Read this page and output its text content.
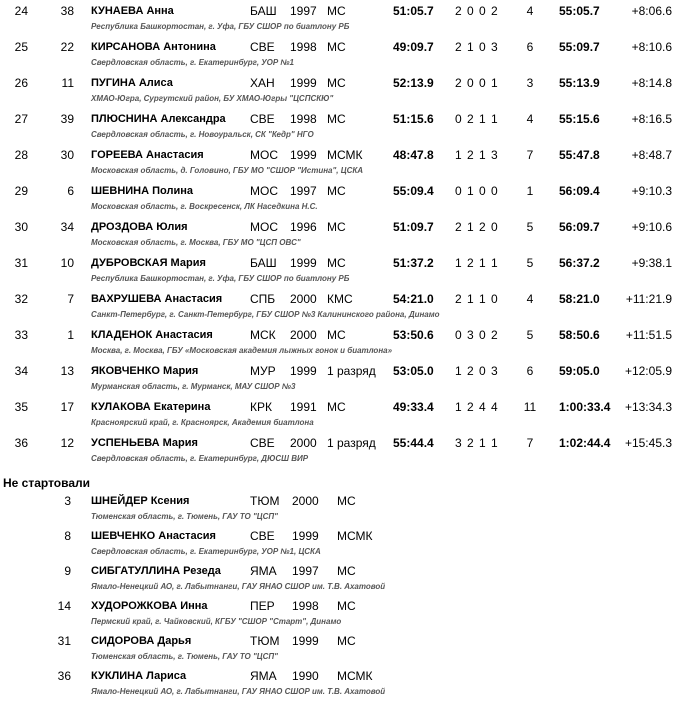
24	38 КУНАЕВА Анна	БАШ 1997 МС	51:05.7 2 0 0 2	4	55:05.7	+8:06.6
Республика Башкортостан, г. Уфа, ГБУ СШОР по биатлону РБ
25	22 КИРСАНОВА Антонина	СВЕ 1998 МС	49:09.7 2 1 0 3	6	55:09.7	+8:10.6
Свердловская область, г. Екатеринбург, УОР №1
26	11 ПУГИНА Алиса	ХАН 1999 МС	52:13.9 2 0 0 1	3	55:13.9	+8:14.8
ХМАО-Югра, Сургутский район, БУ ХМАО-Югры "ЦСПСКЮ"
27	39 ПЛЮСНИНА Александра СВЕ 1998 МС	51:15.6 0 2 1 1	4	55:15.6	+8:16.5
Свердловская область, г. Новоуральск, СК "Кедр" НГО
28	30 ГОРЕЕВА Анастасия	МОС 1999 МСМК	48:47.8 1 2 1 3	7	55:47.8	+8:48.7
Московская область, д. Головино, ГБУ МО "СШОР "Истина", ЦСКА
29	6 ШЕВНИНА Полина	МОС 1997 МС	55:09.4 0 1 0 0	1	56:09.4	+9:10.3
Московская область, г. Воскресенск, ЛК Наседкина Н.С.
30	34 ДРОЗДОВА Юлия	МОС 1996 МС	51:09.7 2 1 2 0	5	56:09.7	+9:10.6
Московская область, г. Москва, ГБУ МО "ЦСП ОВС"
31	10 ДУБРОВСКАЯ Мария	БАШ 1999 МС	51:37.2 1 2 1 1	5	56:37.2	+9:38.1
Республика Башкортостан, г. Уфа, ГБУ СШОР по биатлону РБ
32	7 ВАХРУШЕВА Анастасия СПБ 2000 КМС	54:21.0 2 1 1 0	4	58:21.0	+11:21.9
Санкт-Петербург, г. Санкт-Петербург, ГБУ СШОР №3 Калининского района, Динамо
33	1 КЛАДЕНОК Анастасия	МСК 2000 МС	53:50.6 0 3 0 2	5	58:50.6	+11:51.5
Москва, г. Москва, ГБУ «Московская академия лыжных гонок и биатлона»
34	13 ЯКОВЧЕНКО Мария	МУР 1999 1 разряд 53:05.0 1 2 0 3	6	59:05.0	+12:05.9
Мурманская область, г. Мурманск, МАУ СШОР №3
35	17 КУЛАКОВА Екатерина	КРК 1991 МС	49:33.4 1 2 4 4	11	1:00:33.4	+13:34.3
Красноярский край, г. Красноярск, Академия биатлона
36	12 УСПЕНЬЕВА Мария	СВЕ 2000 1 разряд 55:44.4 3 2 1 1	7	1:02:44.4	+15:45.3
Свердловская область, г. Екатеринбург, ДЮСШ ВИР
Не стартовали
3 ШНЕЙДЕР Ксения	ТЮМ 2000 МС
Тюменская область, г. Тюмень, ГАУ ТО "ЦСП"
8 ШЕВЧЕНКО Анастасия	СВЕ 1999 МСМК
Свердловская область, г. Екатеринбург, УОР №1, ЦСКА
9 СИБГАТУЛЛИНА Резеда ЯМА 1997 МС
Ямало-Ненецкий АО, г. Лабытнанги, ГАУ ЯНАО СШОР им. Т.В. Ахатовой
14 ХУДОРОЖКОВА Инна	ПЕР 1998 МС
Пермский край, г. Чайковский, КГБУ "СШОР "Старт", Динамо
31 СИДОРОВА Дарья	ТЮМ 1999 МС
Тюменская область, г. Тюмень, ГАУ ТО "ЦСП"
36 КУКЛИНА Лариса	ЯМА 1990 МСМК
Ямало-Ненецкий АО, г. Лабытнанги, ГАУ ЯНАО СШОР им. Т.В. Ахатовой
